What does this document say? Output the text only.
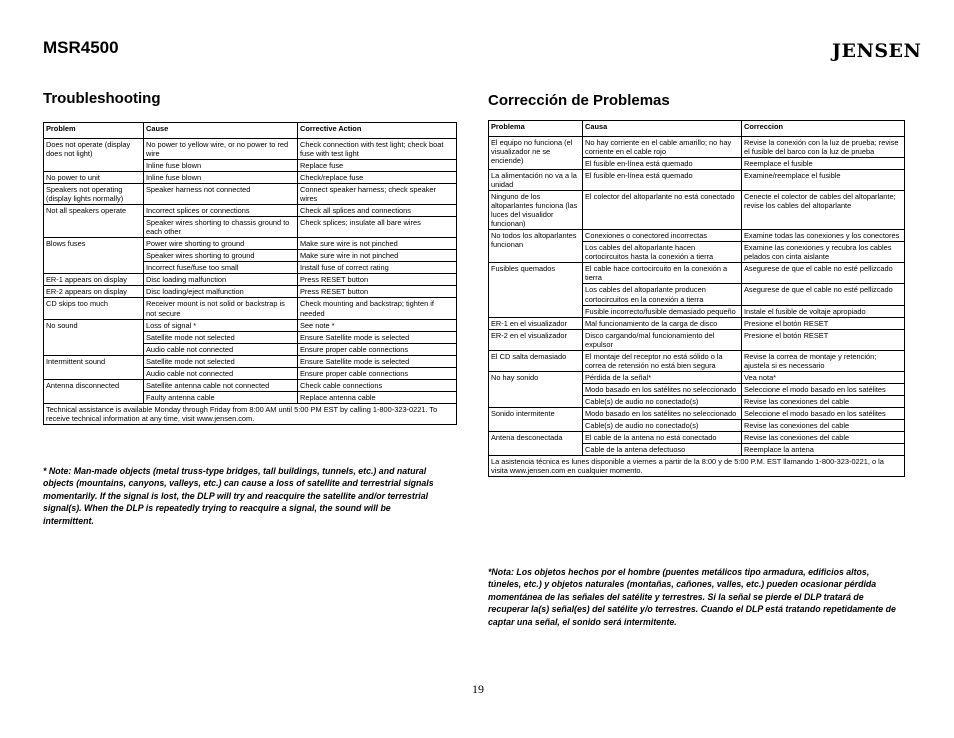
MSR4500	JENSEN
Troubleshooting
Problem	Cause	Corrective Action

Does not operate (display does not light)	No power to yellow wire, or no power to red wire	Check connection with test light; check boat fuse with test light
	Inline fuse blown	Replace fuse
No power to unit	Inline fuse blown	Check/replace fuse
Speakers not operating (display lights normally)	Speaker harness not connected	Connect speaker harness; check speaker wires
Not all speakers operate	Incorrect splices or connections	Check all splices and connections
	Speaker wires shorting to chassis ground to each other	Check splices; insulate all bare wires
Blows fuses	Power wire shorting to ground	Make sure wire is not pinched
	Speaker wires shorting to ground	Make sure wire in not pinched
	Incorrect fuse/fuse too small	Install fuse of correct rating
ER-1 appears on display	Disc loading malfunction	Press RESET button
ER-2 appears on display	Disc loading/eject malfunction	Press RESET button
CD skips too much	Receiver mount is not solid or backstrap is not secure	Check mounting and backstrap; tighten if needed
No sound	Loss of signal *	See note *
	Satellite mode not selected	Ensure Satellite mode is selected
	Audio cable not connected	Ensure proper cable connections
Intermittent sound	Satellite mode not selected	Ensure Satellite mode is selected
	Audio cable not connected	Ensure proper cable connections
Antenna disconnected	Satellite antenna cable not connected	Check cable connections
	Faulty antenna cable	Replace antenna cable
Technical assistance is available Monday through Friday from 8:00 AM until 5:00 PM EST by calling 1-800-323-0221. To receive technical information at any time, visit www.jensen.com.		
* Note: Man-made objects (metal truss-type bridges, tall buildings, tunnels, etc.) and natural objects (mountains, canyons, valleys, etc.) can cause a loss of satellite and terrestrial signals momentarily. If the signal is lost, the DLP will try and reacquire the satellite and/or terrestrial signal(s). When the DLP is repeatedly trying to reacquire a signal, the sound will be intermittent.
Corrección de Problemas
Problema	Causa	Correccion

El equipo no funciona (el visualizador ne se enciende)	No hay corriente en el cable amarillo; no hay corriente en el cable rojo	Revise la conexión con la luz de prueba; revise el fusible del barco con la luz de prueba
	El fusible en-línea está quemado	Reemplace el fusible
La alimentación no va a la unidad	El fusible en-línea está quemado	Examine/reemplace el fusible
Ninguno de los altoparlantes funciona (las luces del visualidor funcionan)	El colector del altoparlante no está conectado	Cenecte el colector de cables del altoparlante; revise los cables del altoparlante
No todos los altoparlantes funcionan	Conexiones o conectored incorrectas	Examine todas las conexiones y los conectores
	Los cables del altoparlante hacen cortocircuitos hasta la conexión a tierra	Examine las conexiones y recubra los cables pelados con cinta aislante
Fusibles quemados	El cable hace cortocircuito en la conexión a tierra	Asegurese de que el cable no esté pellizcado
	Los cables del altoparlante producen cortocircuitos en la conexión a tierra	Asegurese de que el cable no esté pellizcado
	Fusible incorrecto/fusible demasiado pequeño	Instale el fusible de voltaje apropiado
ER-1 en el visualizador	Mal funcionamiento de la carga de disco	Presione el botón RESET
ER-2 en el visualizador	Disco cargando/mal funcionamiento del expulsor	Presione el botón RESET
El CD salta demasiado	El montaje del receptor no está sólido o la correa de retensión no está bien segura	Revise la correa de montaje y retención; ajustela si es necessario
No hay sonido	Pérdida de la señal*	Vea nota*
	Modo basado en los satélites no seleccionado	Seleccione el modo basado en los satélites
	Cable(s) de audio no conectado(s)	Revise las conexiones del cable
Sonido intermitente	Modo basado en los satélites no seleccionado	Seleccione el modo basado en los satélites
	Cable(s) de audio no conectado(s)	Revise las conexiones del cable
Antena desconectada	El cable de la antena no está conectado	Revise las conexiones del cable
	Cable de la antena defectuoso	Reemplace la antena
La asistencia técnica es lunes disponible a viernes a partir de la 8:00 y de 5:00 P.M. EST llamando 1-800-323-0221, o la visita www.jensen.com en cualquier momento.		
*Nota: Los objetos hechos por el hombre (puentes metálicos tipo armadura, edificios altos, túneles, etc.) y objetos naturales (montañas, cañones, valles, etc.) pueden ocasionar pérdida momentánea de las señales del satélite y terrestres. Si la señal se pierde el DLP tratará de recuperar la(s) señal(es) del satélite y/o terrestres. Cuando el DLP está tratando repetidamente de captar una señal, el sonido será intermitente.
19
